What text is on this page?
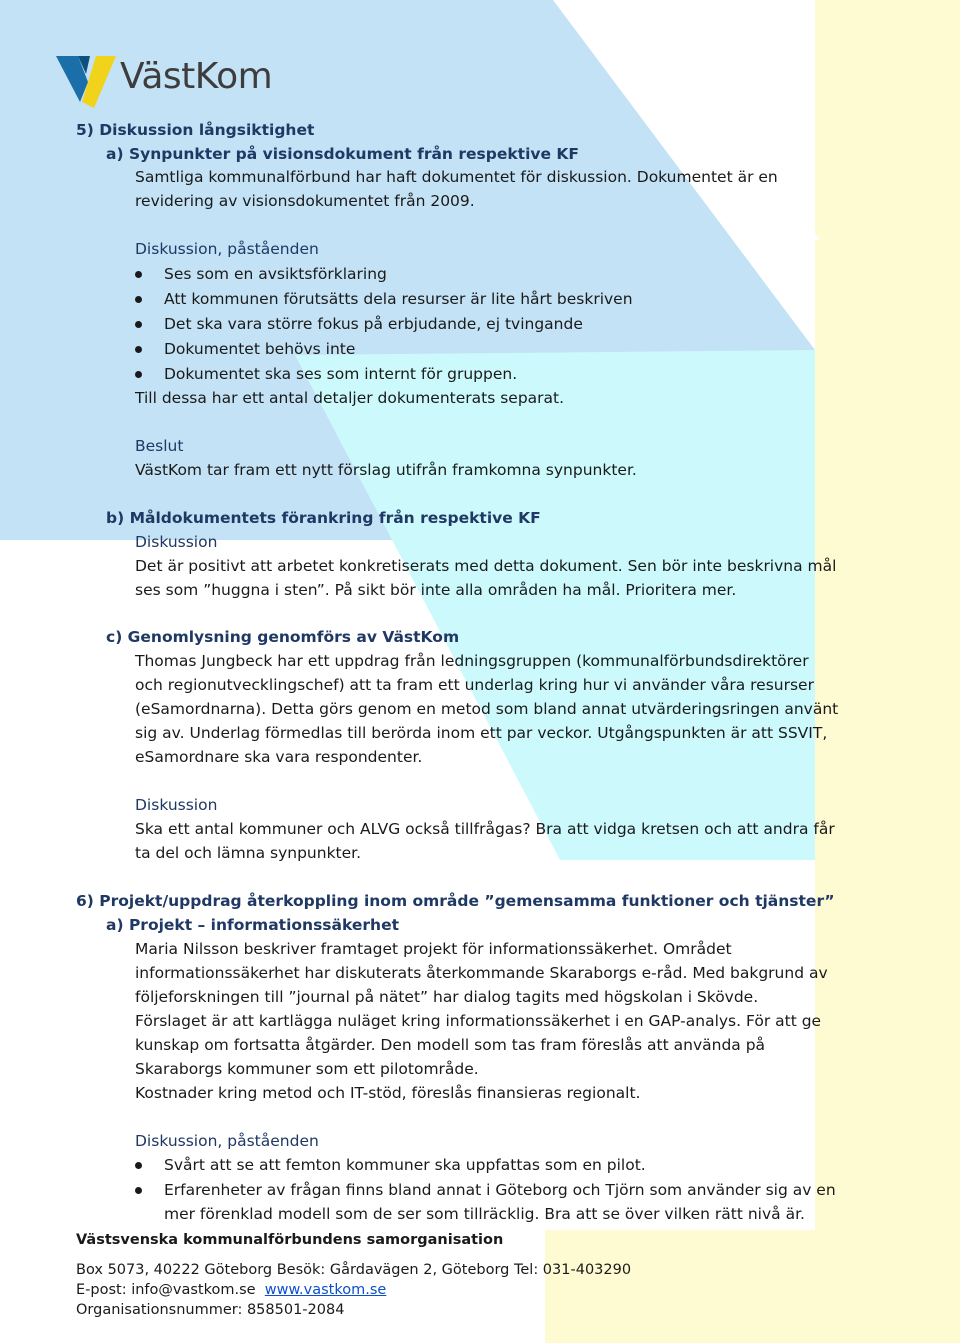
VästKom
5) Diskussion långsiktighet
a) Synpunkter på visionsdokument från respektive KF
Samtliga kommunalförbund har haft dokumentet för diskussion. Dokumentet är en
revidering av visionsdokumentet från 2009.
Diskussion, påståenden
Ses som en avsiktsförklaring
Att kommunen förutsätts dela resurser är lite hårt beskriven
Det ska vara större fokus på erbjudande, ej tvingande
Dokumentet behövs inte
Dokumentet ska ses som internt för gruppen.
Till dessa har ett antal detaljer dokumenterats separat.
Beslut
VästKom tar fram ett nytt förslag utifrån framkomna synpunkter.
b) Måldokumentets förankring från respektive KF
Diskussion
Det är positivt att arbetet konkretiserats med detta dokument. Sen bör inte beskrivna mål
ses som ”huggna i sten”. På sikt bör inte alla områden ha mål. Prioritera mer.
c) Genomlysning genomförs av VästKom
Thomas Jungbeck har ett uppdrag från ledningsgruppen (kommunalförbundsdirektörer
och regionutvecklingschef) att ta fram ett underlag kring hur vi använder våra resurser
(eSamordnarna). Detta görs genom en metod som bland annat utvärderingsringen använt
sig av. Underlag förmedlas till berörda inom ett par veckor. Utgångspunkten är att SSVIT,
eSamordnare ska vara respondenter.
Diskussion
Ska ett antal kommuner och ALVG också tillfrågas? Bra att vidga kretsen och att andra får
ta del och lämna synpunkter.
6) Projekt/uppdrag återkoppling inom område ”gemensamma funktioner och tjänster”
a) Projekt – informationssäkerhet
Maria Nilsson beskriver framtaget projekt för informationssäkerhet. Området
informationssäkerhet har diskuterats återkommande Skaraborgs e-råd. Med bakgrund av
följeforskningen till ”journal på nätet” har dialog tagits med högskolan i Skövde.
Förslaget är att kartlägga nuläget kring informationssäkerhet i en GAP-analys. För att ge
kunskap om fortsatta åtgärder. Den modell som tas fram föreslås att använda på
Skaraborgs kommuner som ett pilotområde.
Kostnader kring metod och IT-stöd, föreslås finansieras regionalt.
Diskussion, påståenden
Svårt att se att femton kommuner ska uppfattas som en pilot.
Erfarenheter av frågan finns bland annat i Göteborg och Tjörn som använder sig av en
mer förenklad modell som de ser som tillräcklig. Bra att se över vilken rätt nivå är.
Västsvenska kommunalförbundens samorganisation
Box 5073, 40222 Göteborg Besök: Gårdavägen 2, Göteborg Tel: 031-403290
E-post: info@vastkom.se www.vastkom.se
Organisationsnummer: 858501-2084
